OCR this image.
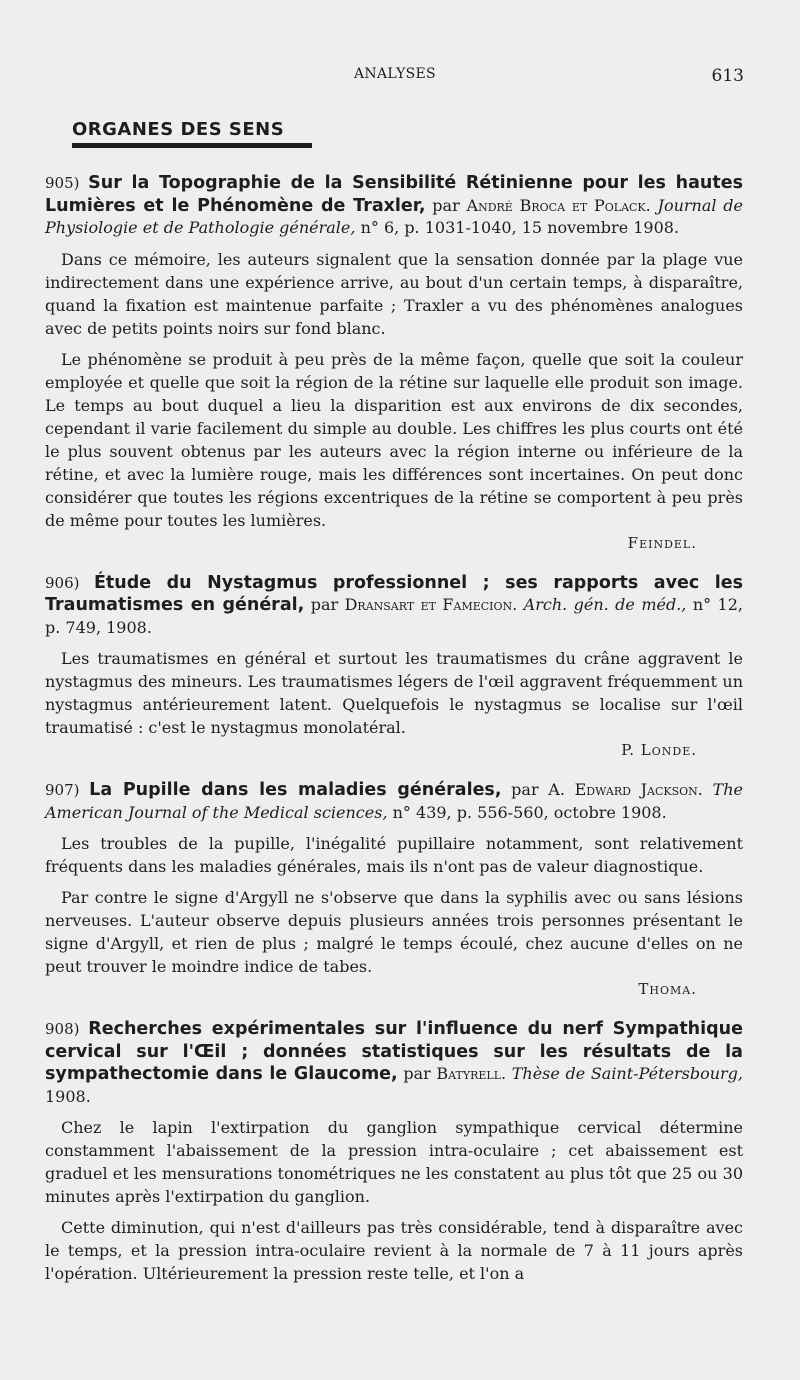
ANALYSES	613
ORGANES DES SENS
905) Sur la Topographie de la Sensibilité Rétinienne pour les hautes Lumières et le Phénomène de Traxler, par André Broca et Polack. Journal de Physiologie et de Pathologie générale, n° 6, p. 1031-1040, 15 novembre 1908.

Dans ce mémoire, les auteurs signalent que la sensation donnée par la plage vue indirectement dans une expérience arrive, au bout d'un certain temps, à disparaître, quand la fixation est maintenue parfaite ; Traxler a vu des phénomènes analogues avec de petits points noirs sur fond blanc.

Le phénomène se produit à peu près de la même façon, quelle que soit la couleur employée et quelle que soit la région de la rétine sur laquelle elle produit son image. Le temps au bout duquel a lieu la disparition est aux environs de dix secondes, cependant il varie facilement du simple au double. Les chiffres les plus courts ont été le plus souvent obtenus par les auteurs avec la région interne ou inférieure de la rétine, et avec la lumière rouge, mais les différences sont incertaines. On peut donc considérer que toutes les régions excentriques de la rétine se comportent à peu près de même pour toutes les lumières.

Feindel.
906) Étude du Nystagmus professionnel ; ses rapports avec les Traumatismes en général, par Dransart et Famecion. Arch. gén. de méd., n° 12, p. 749, 1908.

Les traumatismes en général et surtout les traumatismes du crâne aggravent le nystagmus des mineurs. Les traumatismes légers de l'œil aggravent fréquemment un nystagmus antérieurement latent. Quelquefois le nystagmus se localise sur l'œil traumatisé : c'est le nystagmus monolatéral.

P. Londe.
907) La Pupille dans les maladies générales, par A. Edward Jackson. The American Journal of the Medical sciences, n° 439, p. 556-560, octobre 1908.

Les troubles de la pupille, l'inégalité pupillaire notamment, sont relativement fréquents dans les maladies générales, mais ils n'ont pas de valeur diagnostique.

Par contre le signe d'Argyll ne s'observe que dans la syphilis avec ou sans lésions nerveuses. L'auteur observe depuis plusieurs années trois personnes présentant le signe d'Argyll, et rien de plus ; malgré le temps écoulé, chez aucune d'elles on ne peut trouver le moindre indice de tabes.

Thoma.
908) Recherches expérimentales sur l'influence du nerf Sympathique cervical sur l'Œil ; données statistiques sur les résultats de la sympathectomie dans le Glaucome, par Batyrell. Thèse de Saint-Pétersbourg, 1908.

Chez le lapin l'extirpation du ganglion sympathique cervical détermine constamment l'abaissement de la pression intra-oculaire ; cet abaissement est graduel et les mensurations tonométriques ne les constatent au plus tôt que 25 ou 30 minutes après l'extirpation du ganglion.

Cette diminution, qui n'est d'ailleurs pas très considérable, tend à disparaître avec le temps, et la pression intra-oculaire revient à la normale de 7 à 11 jours après l'opération. Ultérieurement la pression reste telle, et l'on a
